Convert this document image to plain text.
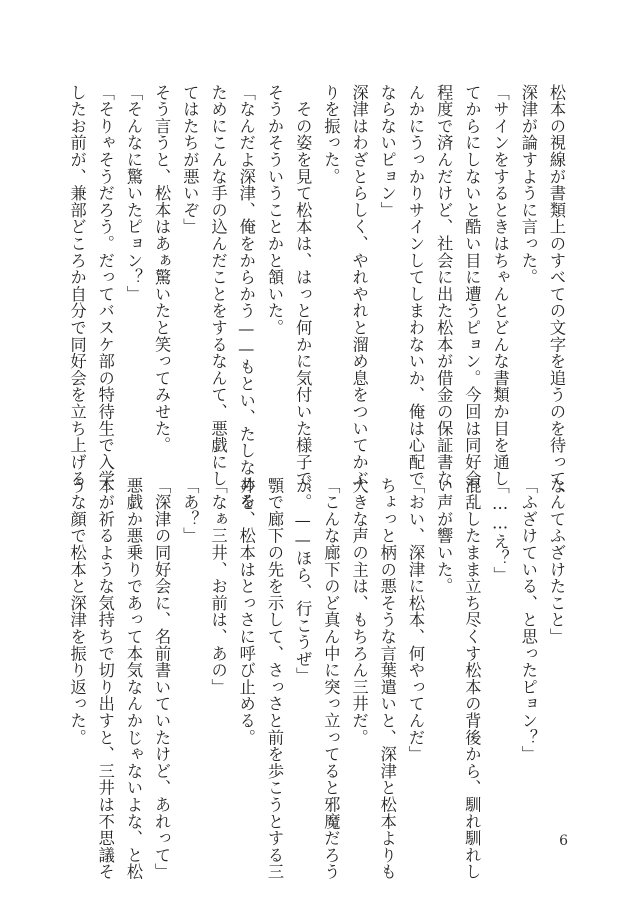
松本の視線が書類上のすべての文字を追うのを待って、

深津が論すように言った。

「サインをするときはちゃんとどんな書類か目を通し

てからにしないと酷い目に遭うピョン。今回は同好会

程度で済んだけど、社会に出た松本が借金の保証書な

んかにうっかりサインしてしまわないか、俺は心配で

ならないピョン」

深津はわざとらしく、やれやれと溜め息をついてかぶ

りを振った。

　その姿を見て松本は、はっと何かに気付いた様子で、

そうかそういうことかと頷いた。

「なんだよ深津、俺をからかう——もとい、たしなめる

ためにこんな手の込んだことをするなんて、悪戯にし

てはたちが悪いぞ」

そう言うと、松本はあぁ驚いたと笑ってみせた。

「そんなに驚いたピョン？」

「そりゃそうだろう。だってバスケ部の特待生で入学

したお前が、兼部どころか自分で同好会を立ち上げる

なんてふざけたこと」

「ふざけている、と思ったピョン？」

「……え？」

混乱したまま立ち尽くす松本の背後から、馴れ馴れし

い声が響いた。

「おい、深津に松本、何やってんだ」

ちょっと柄の悪そうな言葉遣いと、深津と松本よりも

大きな声の主は、もちろん三井だ。

「こんな廊下のど真ん中に突っ立ってると邪魔だろう

が。——ほら、行こうぜ」

顎で廊下の先を示して、さっさと前を歩こうとする三

井を、松本はとっさに呼び止める。

「なぁ三井、お前は、あの」

「あ？」

「深津の同好会に、名前書いていたけど、あれって」

悪戯か悪乗りであって本気なんかじゃないよな、と松

本が祈るような気持ちで切り出すと、三井は不思議そ

うな顔で松本と深津を振り返った。

6
